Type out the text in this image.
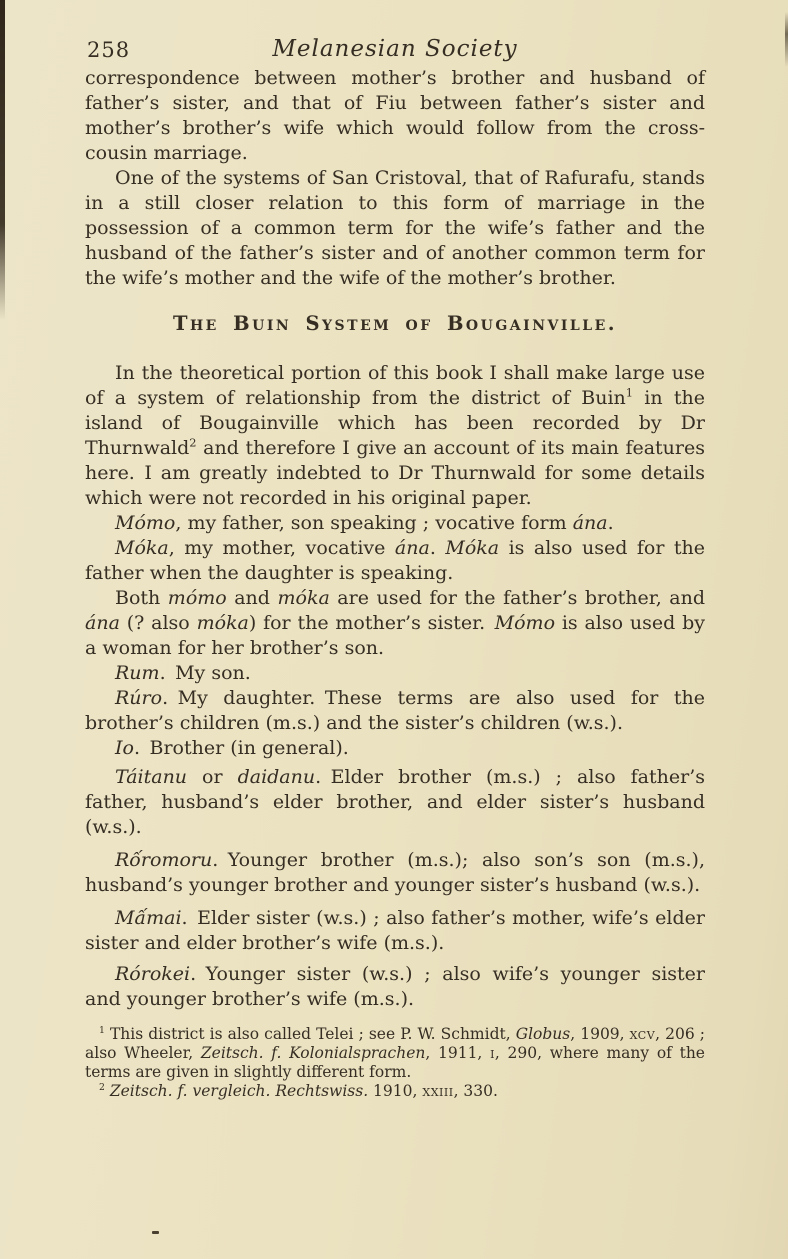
258	Melanesian Society

correspondence between mother’s brother and husband of father’s sister, and that of Fiu between father’s sister and mother’s brother’s wife which would follow from the cross-cousin marriage.

One of the systems of San Cristoval, that of Rafurafu, stands in a still closer relation to this form of marriage in the possession of a common term for the wife’s father and the husband of the father’s sister and of another common term for the wife’s mother and the wife of the mother’s brother.

The Buin System of Bougainville.

In the theoretical portion of this book I shall make large use of a system of relationship from the district of Buin$^1$ in the island of Bougainville which has been recorded by Dr Thurnwald$^2$ and therefore I give an account of its main features here. I am greatly indebted to Dr Thurnwald for some details which were not recorded in his original paper.

Mómo, my father, son speaking ; vocative form ána.

Móka, my mother, vocative ána. Móka is also used for the father when the daughter is speaking.

Both mómo and móka are used for the father’s brother, and ána (? also móka) for the mother’s sister. Mómo is also used by a woman for her brother’s son.

Rum. My son.

Rúro. My daughter. These terms are also used for the brother’s children (m.s.) and the sister’s children (w.s.).

Io. Brother (in general).

Táitanu or daidanu. Elder brother (m.s.) ; also father’s father, husband’s elder brother, and elder sister’s husband (w.s.).

Rốromoru. Younger brother (m.s.); also son’s son (m.s.), husband’s younger brother and younger sister’s husband (w.s.).

Mấmai. Elder sister (w.s.) ; also father’s mother, wife’s elder sister and elder brother’s wife (m.s.).

Rórokei. Younger sister (w.s.) ; also wife’s younger sister and younger brother’s wife (m.s.).

$^1$ This district is also called Telei ; see P. W. Schmidt, Globus, 1909, xcv, 206 ; also Wheeler, Zeitsch. f. Kolonialsprachen, 1911, i, 290, where many of the terms are given in slightly different form.

$^2$ Zeitsch. f. vergleich. Rechtswiss. 1910, xxiii, 330.
